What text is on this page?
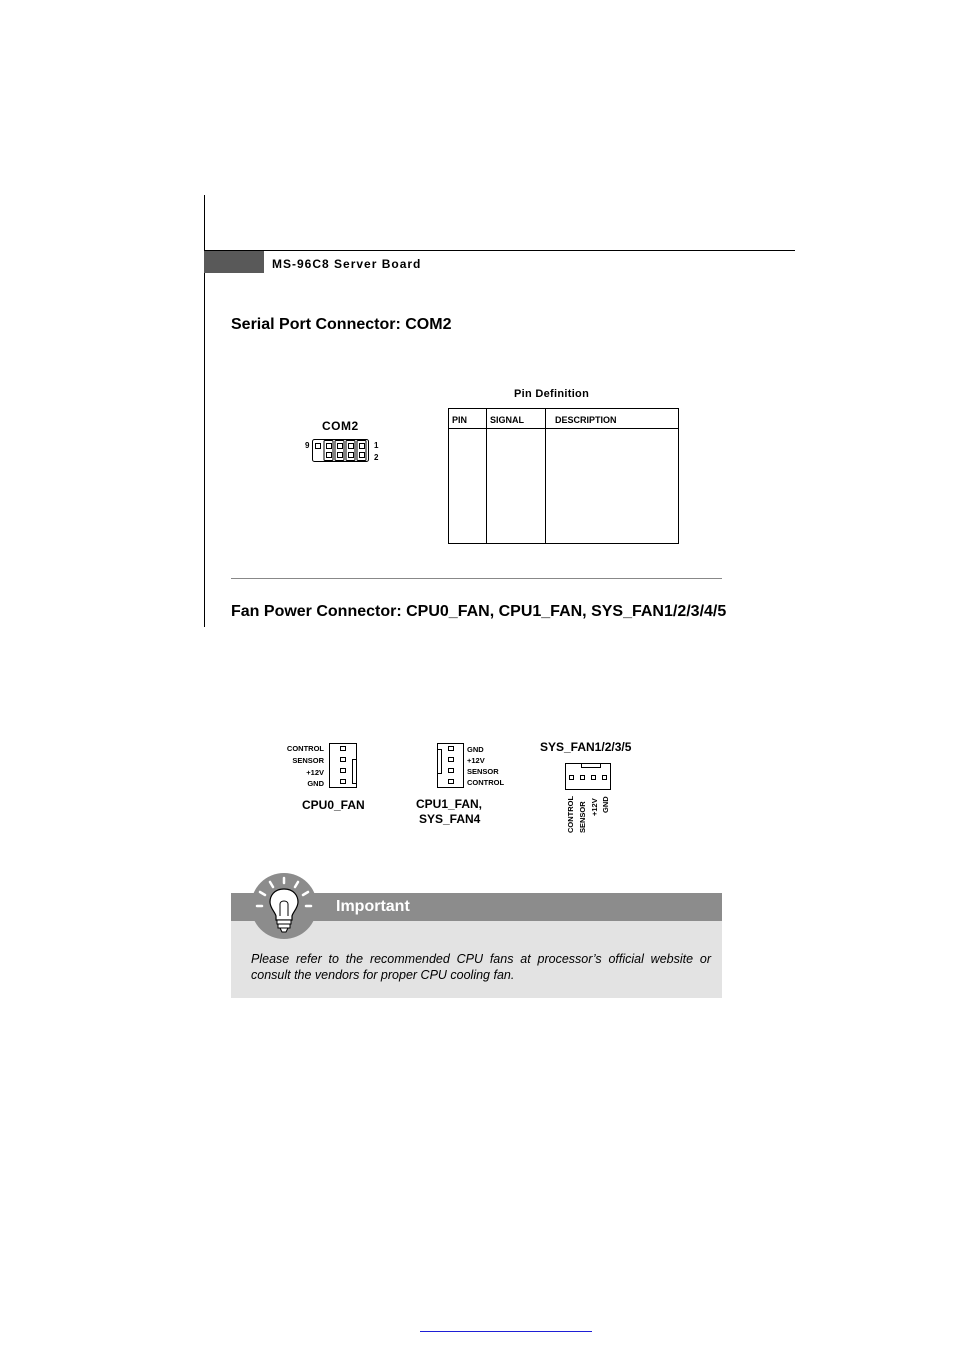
MS-96C8 Server Board
Serial Port Connector: COM2
COM2
9	1
2
Pin Definition
PIN	SIGNAL	DESCRIPTION

Fan Power Connector: CPU0_FAN, CPU1_FAN, SYS_FAN1/2/3/4/5
CONTROL
SENSOR
+12V
GND
CPU0_FAN
GND
+12V
SENSOR
CONTROL
CPU1_FAN,
SYS_FAN4
SYS_FAN1/2/3/5
CONTROL SENSOR +12V GND
Important
Please refer to the recommended CPU fans at processor’s official website or consult the vendors for proper CPU cooling fan.
